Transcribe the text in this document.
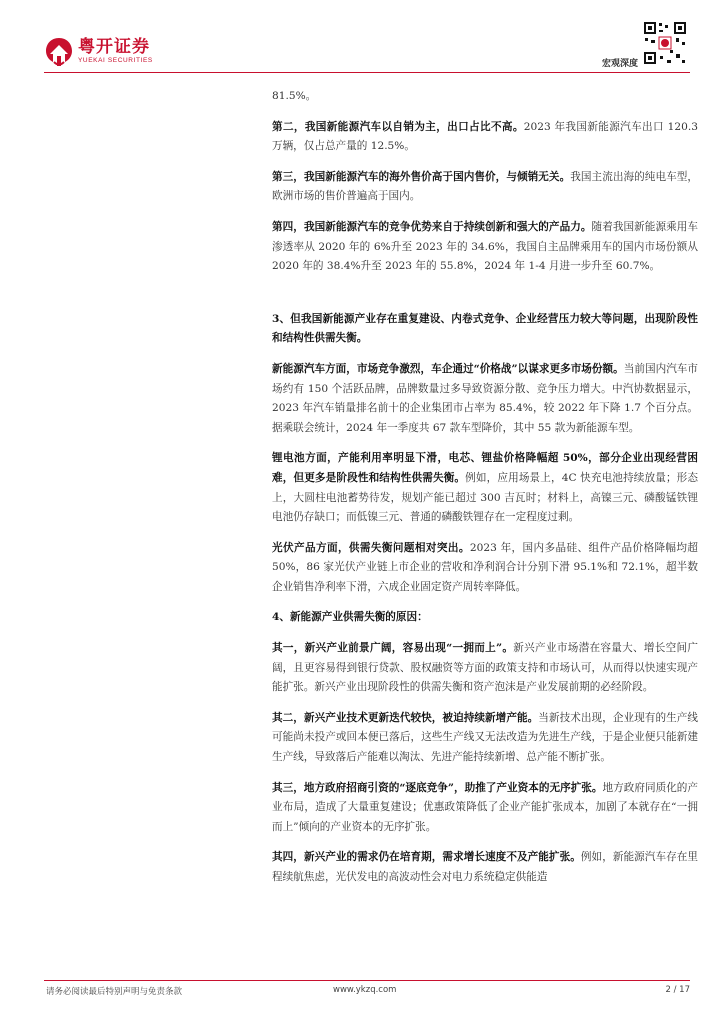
粤开证券
YUEKAI SECURITIES	宏观深度

81.5%。

第二，我国新能源汽车以自销为主，出口占比不高。2023 年我国新能源汽车出口 120.3 万辆，仅占总产量的 12.5%。

第三，我国新能源汽车的海外售价高于国内售价，与倾销无关。我国主流出海的纯电车型，欧洲市场的售价普遍高于国内。

第四，我国新能源汽车的竞争优势来自于持续创新和强大的产品力。随着我国新能源乘用车渗透率从 2020 年的 6%升至 2023 年的 34.6%，我国自主品牌乘用车的国内市场份额从 2020 年的 38.4%升至 2023 年的 55.8%，2024 年 1-4 月进一步升至 60.7%。

3、但我国新能源产业存在重复建设、内卷式竞争、企业经营压力较大等问题，出现阶段性和结构性供需失衡。

新能源汽车方面，市场竞争激烈，车企通过“价格战”以谋求更多市场份额。当前国内汽车市场约有 150 个活跃品牌，品牌数量过多导致资源分散、竞争压力增大。中汽协数据显示，2023 年汽车销量排名前十的企业集团市占率为 85.4%，较 2022 年下降 1.7 个百分点。据乘联会统计，2024 年一季度共 67 款车型降价，其中 55 款为新能源车型。

锂电池方面，产能利用率明显下滑，电芯、锂盐价格降幅超 50%，部分企业出现经营困难，但更多是阶段性和结构性供需失衡。例如，应用场景上，4C 快充电池持续放量；形态上，大圆柱电池蓄势待发，规划产能已超过 300 吉瓦时；材料上，高镍三元、磷酸锰铁锂电池仍存缺口；而低镍三元、普通的磷酸铁锂存在一定程度过剩。

光伏产品方面，供需失衡问题相对突出。2023 年，国内多晶硅、组件产品价格降幅均超 50%，86 家光伏产业链上市企业的营收和净利润合计分别下滑 95.1%和 72.1%，超半数企业销售净利率下滑，六成企业固定资产周转率降低。

4、新能源产业供需失衡的原因：

其一，新兴产业前景广阔，容易出现“一拥而上”。新兴产业市场潜在容量大、增长空间广阔，且更容易得到银行贷款、股权融资等方面的政策支持和市场认可，从而得以快速实现产能扩张。新兴产业出现阶段性的供需失衡和资产泡沫是产业发展前期的必经阶段。

其二，新兴产业技术更新迭代较快，被迫持续新增产能。当新技术出现，企业现有的生产线可能尚未投产或回本便已落后，这些生产线又无法改造为先进生产线，于是企业便只能新建生产线，导致落后产能难以淘汰、先进产能持续新增、总产能不断扩张。

其三，地方政府招商引资的“逐底竞争”，助推了产业资本的无序扩张。地方政府同质化的产业布局，造成了大量重复建设；优惠政策降低了企业产能扩张成本，加剧了本就存在“一拥而上”倾向的产业资本的无序扩张。

其四，新兴产业的需求仍在培育期，需求增长速度不及产能扩张。例如，新能源汽车存在里程续航焦虑，光伏发电的高波动性会对电力系统稳定供能造

请务必阅读最后特别声明与免责条款	www.ykzq.com	2 / 17
